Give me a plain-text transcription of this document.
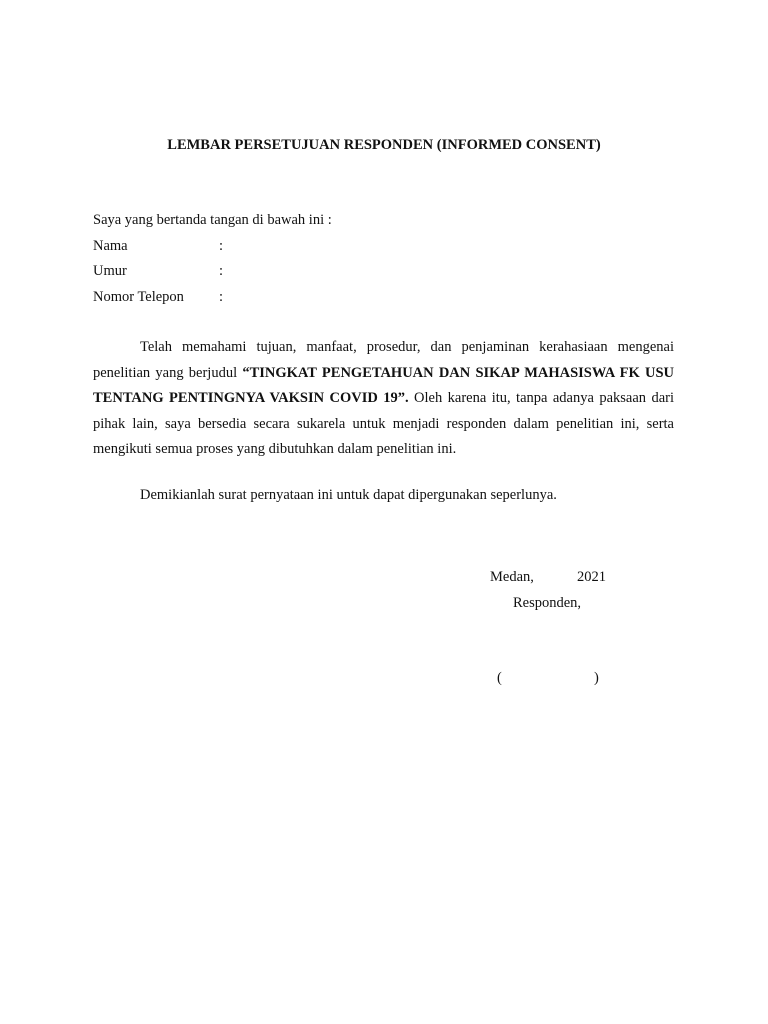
LEMBAR PERSETUJUAN RESPONDEN (INFORMED CONSENT)
Saya yang bertanda tangan di bawah ini :
Nama	:
Umur	:
Nomor Telepon :

Telah memahami tujuan, manfaat, prosedur, dan penjaminan kerahasiaan mengenai penelitian yang berjudul “TINGKAT PENGETAHUAN DAN SIKAP MAHASISWA FK USU TENTANG PENTINGNYA VAKSIN COVID 19”. Oleh karena itu, tanpa adanya paksaan dari pihak lain, saya bersedia secara sukarela untuk menjadi responden dalam penelitian ini, serta mengikuti semua proses yang dibutuhkan dalam penelitian ini.

Demikianlah surat pernyataan ini untuk dapat dipergunakan seperlunya.

Medan,	2021
Responden,
(	)
